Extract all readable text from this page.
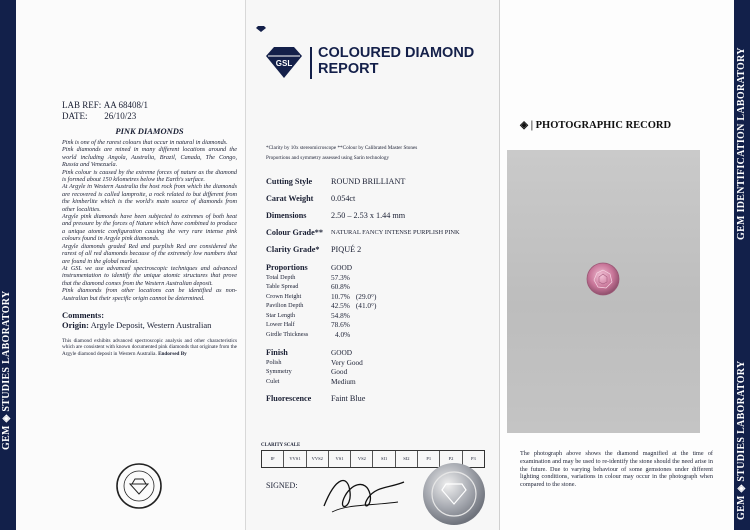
GEM ◈ STUDIES LABORATORY
LAB REF: AA 68408/1
DATE: 26/10/23
PINK DIAMONDS

Pink is one of the rarest colours that occur in natural in diamonds.

Pink diamonds are mined in many different locations around the world including Angola, Australia, Brazil, Canada, The Congo, Russia and Venezuela.

Pink colour is caused by the extreme forces of nature as the diamond is formed about 150 kilometres below the Earth's surface.

At Argyle in Western Australia the host rock from which the diamonds are recovered is called lamproite, a rock related to but different from the kimberlite which is the world's main source of diamonds from other localities.

Argyle pink diamonds have been subjected to extremes of both heat and pressure by the forces of Nature which have combined to produce a unique atomic configuration causing the very rare intense pink colours found in Argyle pink diamonds.

Argyle diamonds graded Red and purplish Red are considered the rarest of all red diamonds because of the extremely low numbers that are found in the global market.

At GSL we use advanced spectroscopic techniques and advanced instrumentation to identify the unique atomic structures that prove that the diamond comes from the Western Australian deposit.

Pink diamonds from other locations can be identified as non-Australian but their specific origin cannot be determined.

Comments:
Origin: Argyle Deposit, Western Australian
This diamond exhibits advanced spectroscopic analysis and other characteristics which are consistent with known documented pink diamonds that originate from the Argyle diamond deposit in Western Australia. Endorsed By
GSL
COLOURED DIAMOND
REPORT
*Clarity by 10x stereomicroscope **Colour by Calibrated Master Stones
Proportions and symmetry assessed using Sarin technology
Cutting Style	ROUND BRILLIANT
Carat Weight	0.054ct
Dimensions	2.50 – 2.53 x 1.44 mm
Colour Grade**	NATURAL FANCY INTENSE PURPLISH PINK
Clarity Grade*	PIQUÉ 2
Proportions	GOOD
Total Depth	57.3%
Table Spread	60.8%
Crown Height	10.7% (29.0°)
Pavilion Depth	42.5% (41.0°)
Star Length	54.8%
Lower Half	78.6%
Girdle Thickness	4.0%
Finish	GOOD
Polish	Very Good
Symmetry	Good
Culet	Medium
Fluorescence	Faint Blue
CLARITY SCALE
IF	VVS1	VVS2	VS1	VS2	SI1	SI2	P1	P2	P3
SIGNED:
◈ | PHOTOGRAPHIC RECORD
The photograph above shows the diamond magnified at the time of examination and may be used to re-identify the stone should the need arise in the future. Due to varying behaviour of some gemstones under different lighting conditions, variations in colour may occur in the photograph when compared to the stone.
GEM IDENTIFICATION LABORATORY
GEM ◈ STUDIES LABORATORY
